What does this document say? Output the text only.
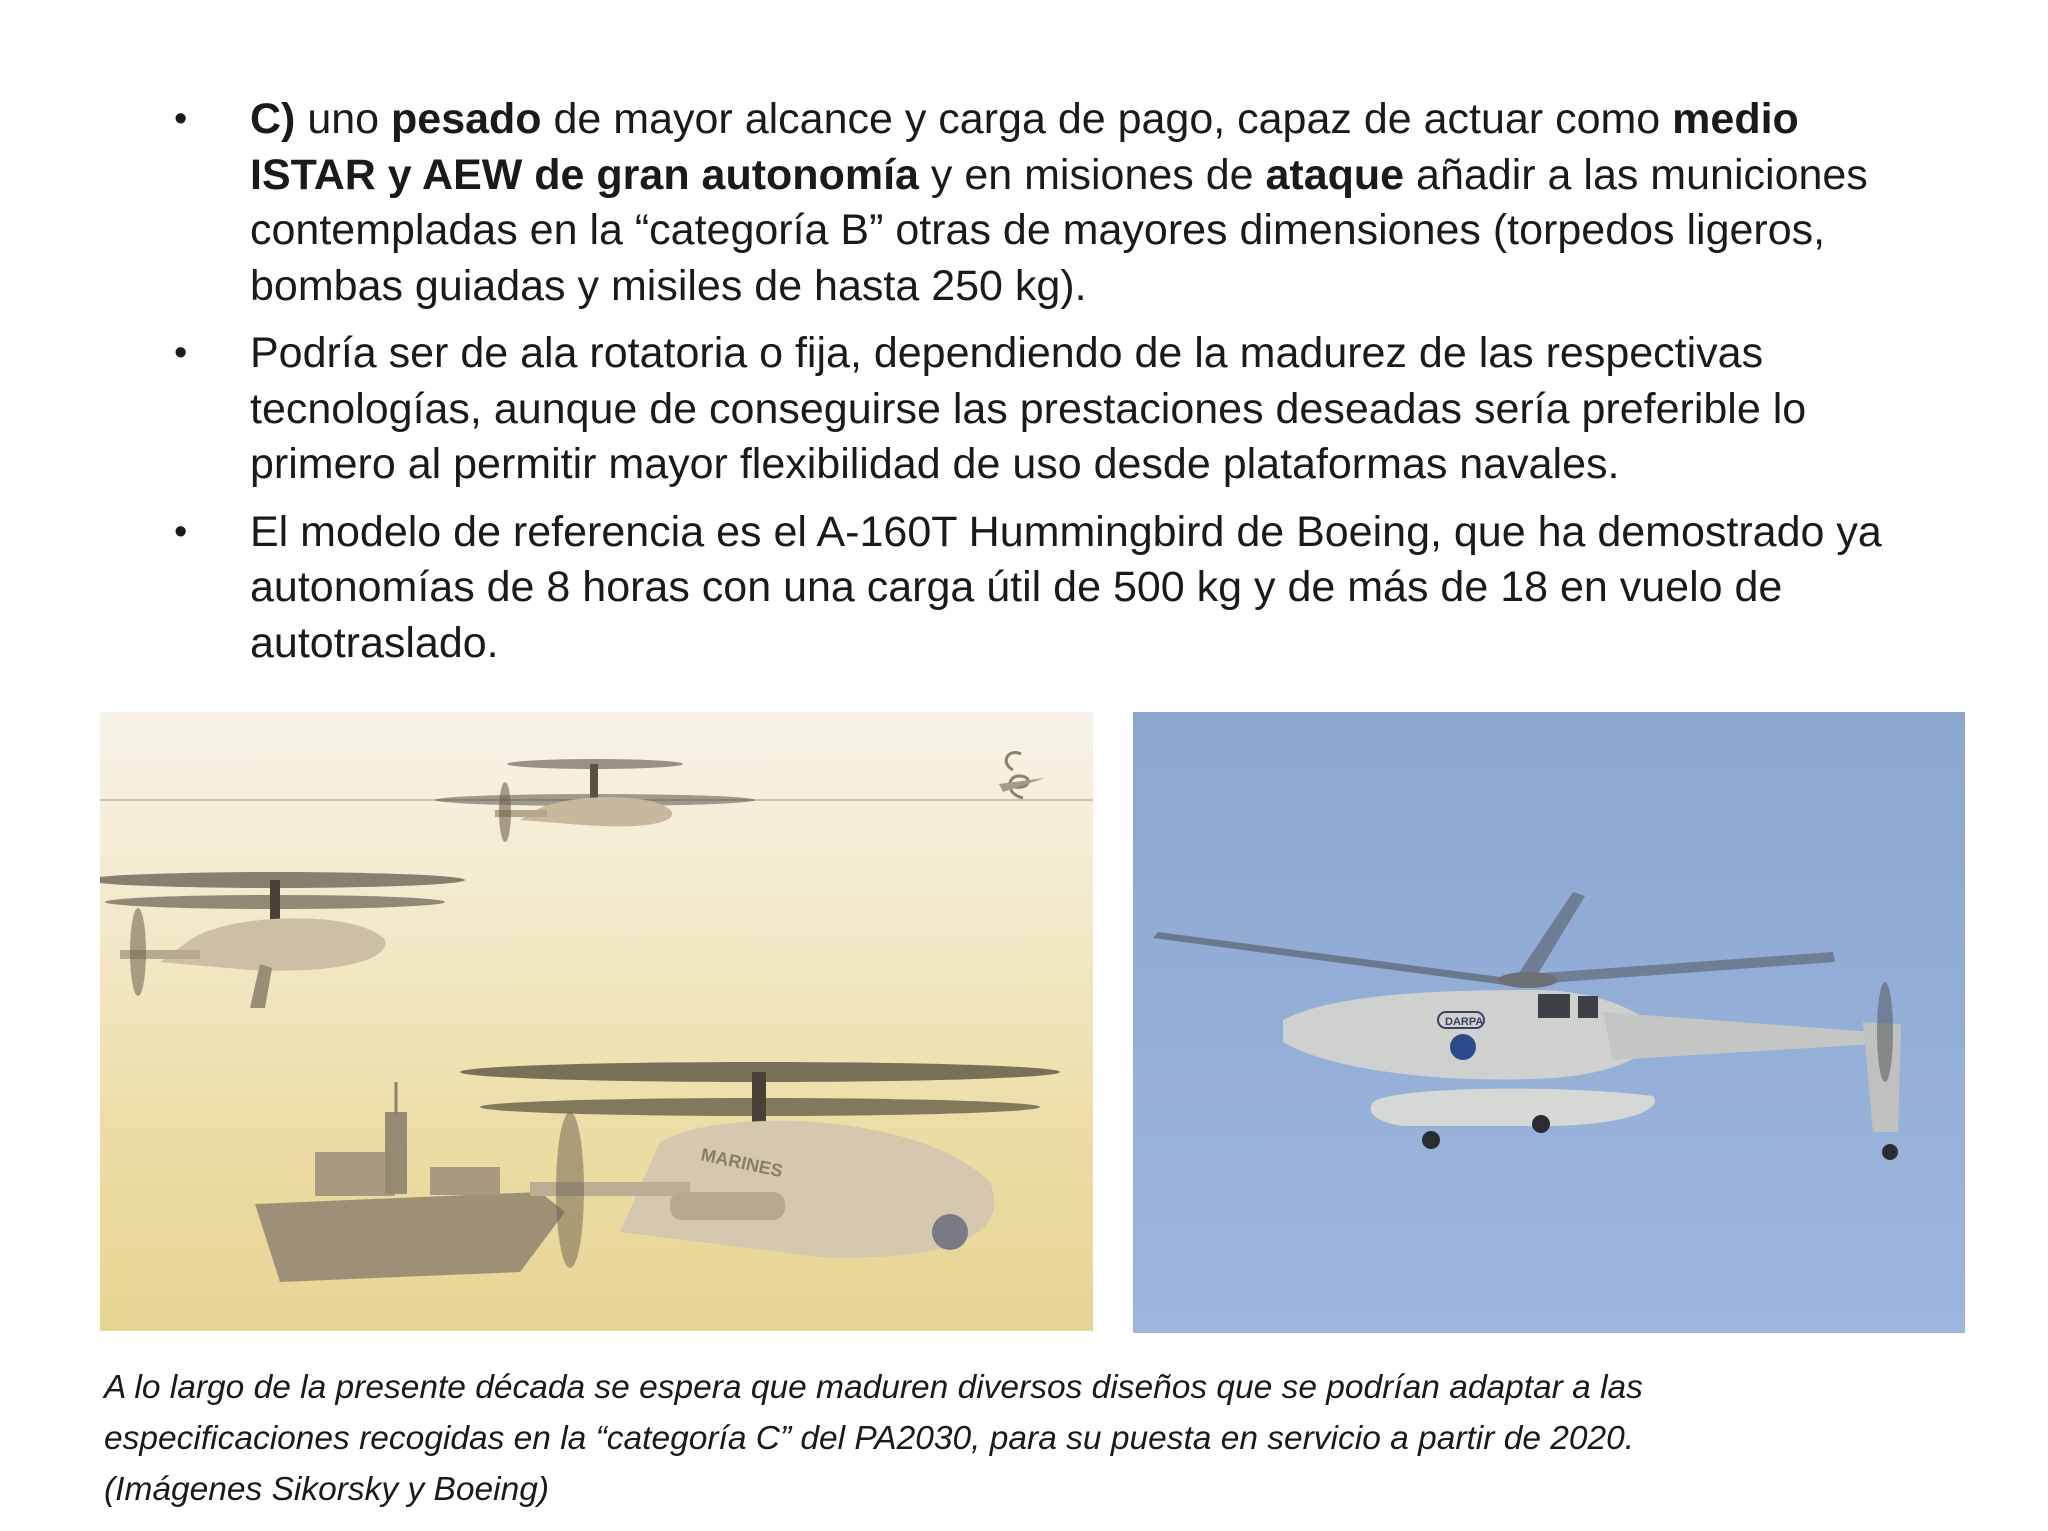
•	C) uno pesado de mayor alcance y carga de pago, capaz de actuar como medio ISTAR y AEW de gran autonomía y en misiones de ataque añadir a las municiones contempladas en la “categoría B” otras de mayores dimensiones (torpedos ligeros, bombas guiadas y misiles de hasta 250 kg).
•	Podría ser de ala rotatoria o fija, dependiendo de la madurez de las respectivas tecnologías, aunque de conseguirse las prestaciones deseadas sería preferible lo primero al permitir mayor flexibilidad de uso desde plataformas navales.
•	El modelo de referencia es el A-160T Hummingbird de Boeing, que ha demostrado ya autonomías de 8 horas con una carga útil de 500 kg y de más de 18 en vuelo de autotraslado.
MARINES
DARPA

A lo largo de la presente década se espera que maduren diversos diseños que se podrían adaptar a las
especificaciones recogidas en la “categoría C” del PA2030, para su puesta en servicio a partir de 2020.
(Imágenes Sikorsky y Boeing)
